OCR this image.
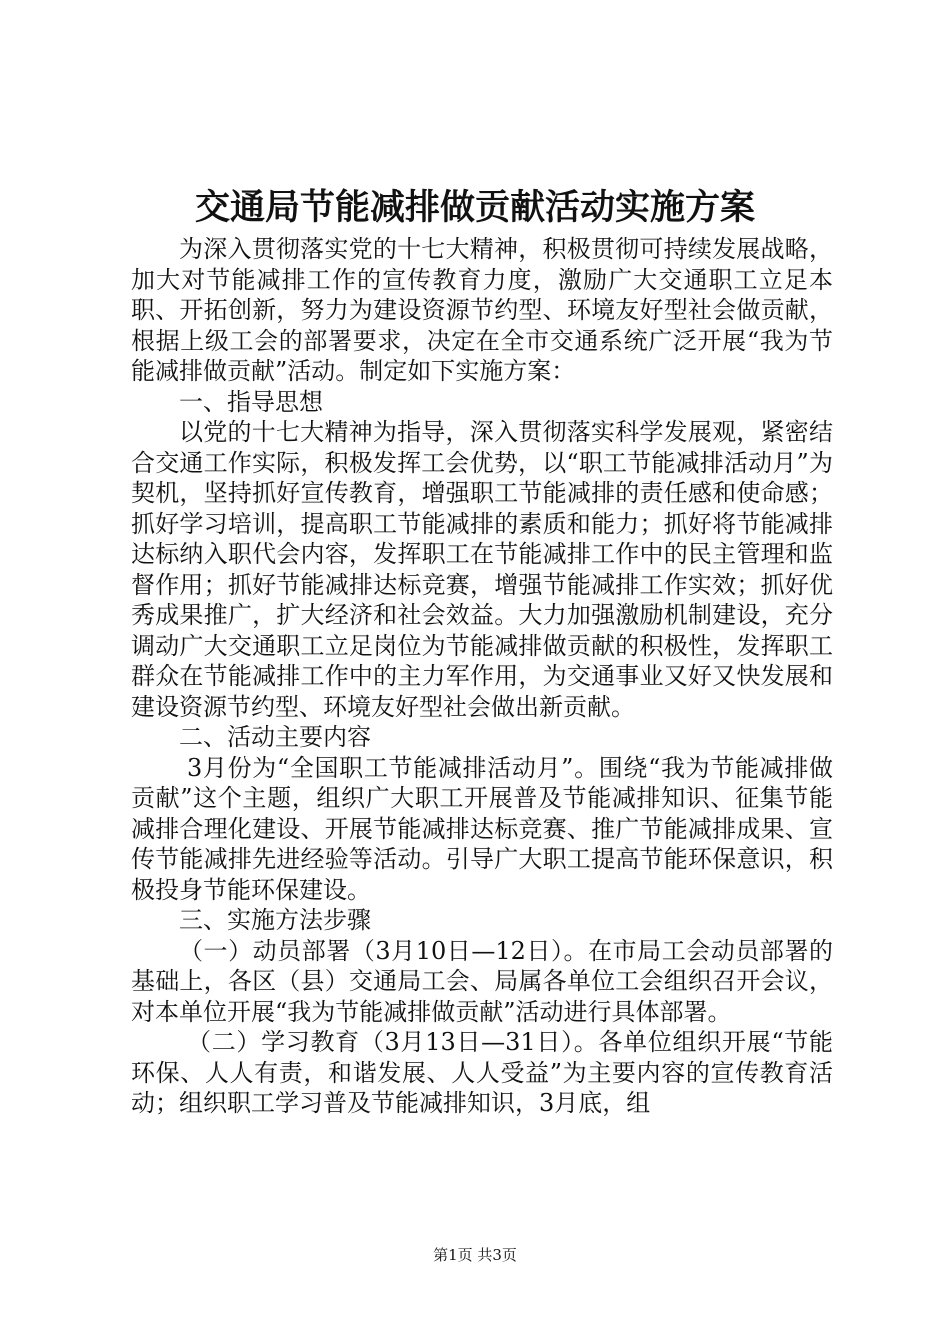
交通局节能减排做贡献活动实施方案

为深入贯彻落实党的十七大精神，积极贯彻可持续发展战略，加大对节能减排工作的宣传教育力度，激励广大交通职工立足本职、开拓创新，努力为建设资源节约型、环境友好型社会做贡献，根据上级工会的部署要求，决定在全市交通系统广泛开展“我为节能减排做贡献”活动。制定如下实施方案：

一、指导思想

以党的十七大精神为指导，深入贯彻落实科学发展观，紧密结合交通工作实际，积极发挥工会优势，以“职工节能减排活动月”为契机，坚持抓好宣传教育，增强职工节能减排的责任感和使命感；抓好学习培训，提高职工节能减排的素质和能力；抓好将节能减排达标纳入职代会内容，发挥职工在节能减排工作中的民主管理和监督作用；抓好节能减排达标竞赛，增强节能减排工作实效；抓好优秀成果推广，扩大经济和社会效益。大力加强激励机制建设，充分调动广大交通职工立足岗位为节能减排做贡献的积极性，发挥职工群众在节能减排工作中的主力军作用，为交通事业又好又快发展和建设资源节约型、环境友好型社会做出新贡献。

二、活动主要内容

3月份为“全国职工节能减排活动月”。围绕“我为节能减排做贡献”这个主题，组织广大职工开展普及节能减排知识、征集节能减排合理化建设、开展节能减排达标竞赛、推广节能减排成果、宣传节能减排先进经验等活动。引导广大职工提高节能环保意识，积极投身节能环保建设。

三、实施方法步骤

（一）动员部署（3月10日—12日）。在市局工会动员部署的基础上，各区（县）交通局工会、局属各单位工会组织召开会议，对本单位开展“我为节能减排做贡献”活动进行具体部署。

（二）学习教育（3月13日—31日）。各单位组织开展“节能环保、人人有责，和谐发展、人人受益”为主要内容的宣传教育活动；组织职工学习普及节能减排知识，3月底，组

第1页 共3页
